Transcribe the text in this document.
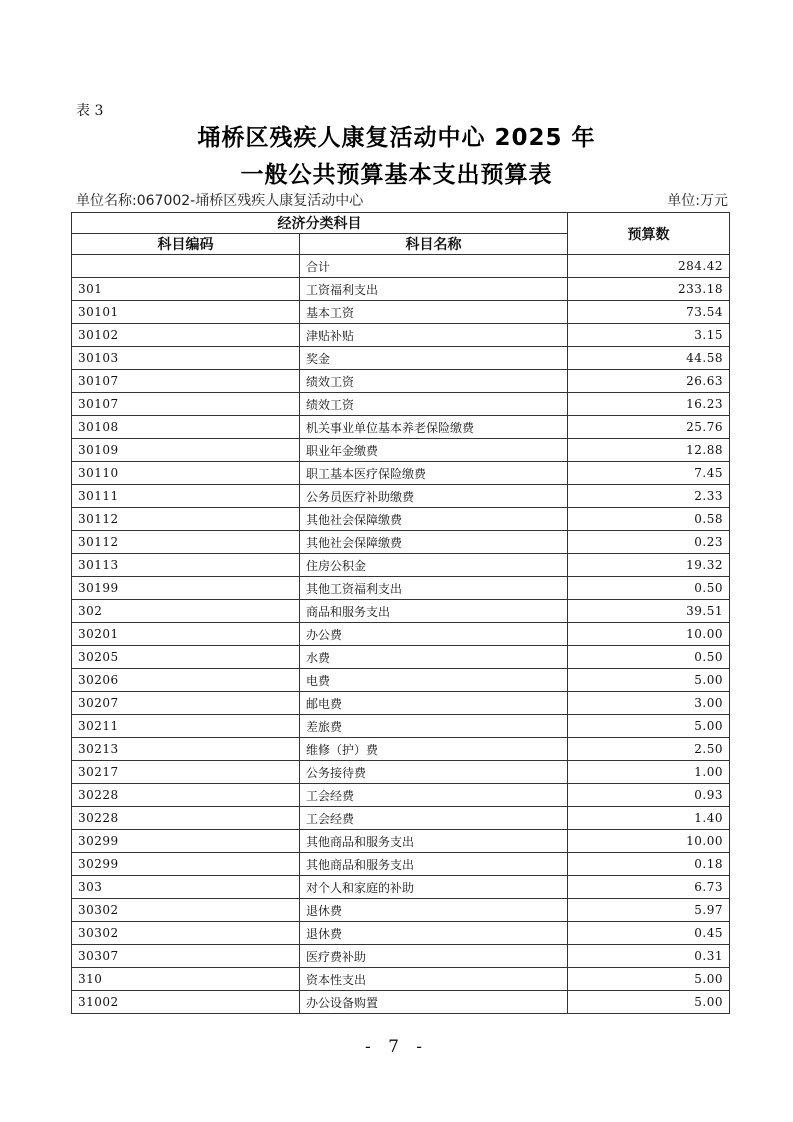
表 3
埇桥区残疾人康复活动中心 2025 年
一般公共预算基本支出预算表
单位名称:067002-埇桥区残疾人康复活动中心	单位:万元
经济分类科目		预算数
科目编码	科目名称	
	合计	284.42
301	工资福利支出	233.18
30101	基本工资	73.54
30102	津贴补贴	3.15
30103	奖金	44.58
30107	绩效工资	26.63
30107	绩效工资	16.23
30108	机关事业单位基本养老保险缴费	25.76
30109	职业年金缴费	12.88
30110	职工基本医疗保险缴费	7.45
30111	公务员医疗补助缴费	2.33
30112	其他社会保障缴费	0.58
30112	其他社会保障缴费	0.23
30113	住房公积金	19.32
30199	其他工资福利支出	0.50
302	商品和服务支出	39.51
30201	办公费	10.00
30205	水费	0.50
30206	电费	5.00
30207	邮电费	3.00
30211	差旅费	5.00
30213	维修（护）费	2.50
30217	公务接待费	1.00
30228	工会经费	0.93
30228	工会经费	1.40
30299	其他商品和服务支出	10.00
30299	其他商品和服务支出	0.18
303	对个人和家庭的补助	6.73
30302	退休费	5.97
30302	退休费	0.45
30307	医疗费补助	0.31
310	资本性支出	5.00
31002	办公设备购置	5.00
- 7 -
